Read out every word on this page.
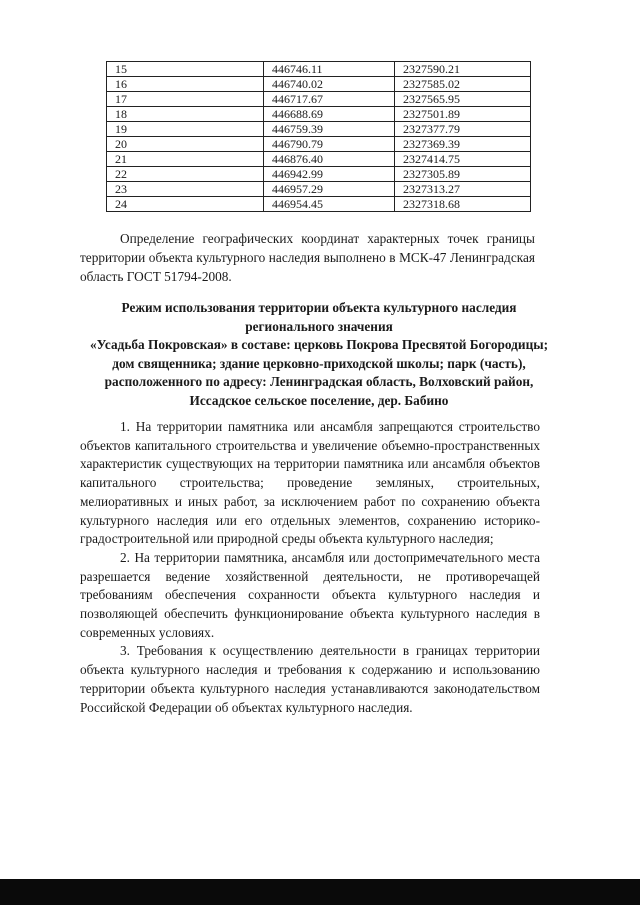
15	446746.11	2327590.21
16	446740.02	2327585.02
17	446717.67	2327565.95
18	446688.69	2327501.89
19	446759.39	2327377.79
20	446790.79	2327369.39
21	446876.40	2327414.75
22	446942.99	2327305.89
23	446957.29	2327313.27
24	446954.45	2327318.68

Определение географических координат характерных точек границы территории объекта культурного наследия выполнено в МСК-47 Ленинградская область ГОСТ 51794-2008.

Режим использования территории объекта культурного наследия
регионального значения
«Усадьба Покровская» в составе: церковь Покрова Пресвятой Богородицы;
дом священника; здание церковно-приходской школы; парк (часть),
расположенного по адресу: Ленинградская область, Волховский район,
Иссадское сельское поселение, дер. Бабино

1. На территории памятника или ансамбля запрещаются строительство объектов капитального строительства и увеличение объемно-пространственных характеристик существующих на территории памятника или ансамбля объектов капитального строительства; проведение земляных, строительных, мелиоративных и иных работ, за исключением работ по сохранению объекта культурного наследия или его отдельных элементов, сохранению историко-градостроительной или природной среды объекта культурного наследия;

2. На территории памятника, ансамбля или достопримечательного места разрешается ведение хозяйственной деятельности, не противоречащей требованиям обеспечения сохранности объекта культурного наследия и позволяющей обеспечить функционирование объекта культурного наследия в современных условиях.

3. Требования к осуществлению деятельности в границах территории объекта культурного наследия и требования к содержанию и использованию территории объекта культурного наследия устанавливаются законодательством Российской Федерации об объектах культурного наследия.
